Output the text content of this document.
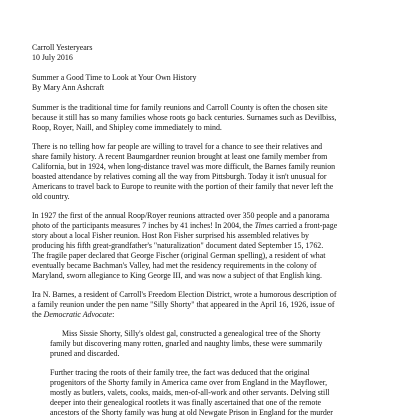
Carroll Yesteryears
10 July 2016
Summer a Good Time to Look at Your Own History
By Mary Ann Ashcraft
Summer is the traditional time for family reunions and Carroll County is often the chosen site
because it still has so many families whose roots go back centuries. Surnames such as Devilbiss,
Roop, Royer, Naill, and Shipley come immediately to mind.
There is no telling how far people are willing to travel for a chance to see their relatives and
share family history. A recent Baumgardner reunion brought at least one family member from
California, but in 1924, when long-distance travel was more difficult, the Barnes family reunion
boasted attendance by relatives coming all the way from Pittsburgh. Today it isn't unusual for
Americans to travel back to Europe to reunite with the portion of their family that never left the
old country.
In 1927 the first of the annual Roop/Royer reunions attracted over 350 people and a panorama
photo of the participants measures 7 inches by 41 inches! In 2004, the Times carried a front-page
story about a local Fisher reunion. Host Ron Fisher surprised his assembled relatives by
producing his fifth great-grandfather's "naturalization" document dated September 15, 1762.
The fragile paper declared that George Fischer (original German spelling), a resident of what
eventually became Bachman's Valley, had met the residency requirements in the colony of
Maryland, sworn allegiance to King George III, and was now a subject of that English king.
Ira N. Barnes, a resident of Carroll's Freedom Election District, wrote a humorous description of
a family reunion under the pen name "Silly Shorty" that appeared in the April 16, 1926, issue of
the Democratic Advocate:
Miss Sissie Shorty, Silly's oldest gal, constructed a genealogical tree of the Shorty
family but discovering many rotten, gnarled and naughty limbs, these were summarily
pruned and discarded.
Further tracing the roots of their family tree, the fact was deduced that the original
progenitors of the Shorty family in America came over from England in the Mayflower,
mostly as butlers, valets, cooks, maids, men-of-all-work and other servants. Delving still
deeper into their genealogical rootlets it was finally ascertained that one of the remote
ancestors of the Shorty family was hung at old Newgate Prison in England for the murder
